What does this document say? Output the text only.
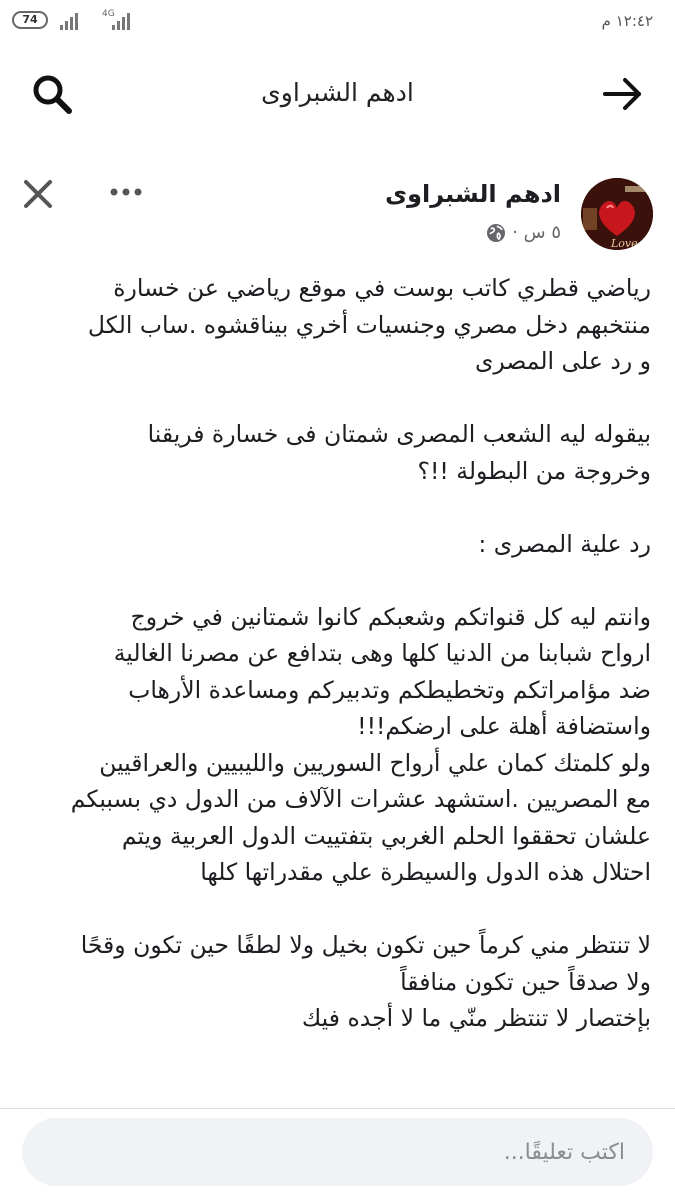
74	4G	١٢:٤٢ م
ادهم الشبراوى
ادهم الشبراوى
٥ س ·
Love
رياضي قطري كاتب بوست في موقع رياضي عن خسارة
منتخبهم دخل مصري وجنسيات أخري بيناقشوه .ساب الكل
و رد على المصرى
بيقوله ليه الشعب المصرى شمتان فى خسارة فريقنا
وخروجة من البطولة !!؟
رد علية المصرى :
وانتم ليه كل قنواتكم وشعبكم كانوا شمتانين في خروج
ارواح شبابنا من الدنيا كلها وهى بتدافع عن مصرنا الغالية
ضد مؤامراتكم وتخطيطكم وتدبيركم ومساعدة الأرهاب
واستضافة أهلة على ارضكم!!!
ولو كلمتك كمان علي أرواح السوريين والليبيين والعراقيين
مع المصريين .استشهد عشرات الآلاف من الدول دي بسببكم
علشان تحققوا الحلم الغربي بتفتييت الدول العربية ويتم
احتلال هذه الدول والسيطرة علي مقدراتها كلها
لا تنتظر مني كرماً حين تكون بخيل ولا لطفًا حين تكون وقحًا
ولا صدقاً حين تكون منافقاً
بإختصار لا تنتظر منّي ما لا أجده فيك
اكتب تعليقًا...
